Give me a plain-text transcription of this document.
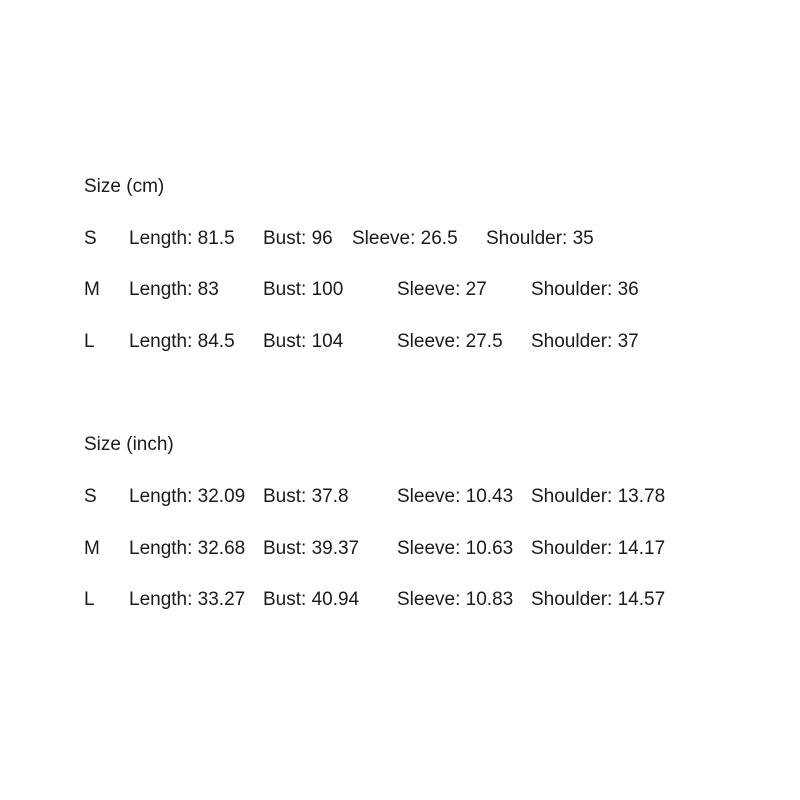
Size (cm)
S Length: 81.5 Bust: 96 Sleeve: 26.5 Shoulder: 35
M Length: 83 Bust: 100	Sleeve: 27 Shoulder: 36
L Length: 84.5 Bust: 104	Sleeve: 27.5 Shoulder: 37
Size (inch)
S Length: 32.09 Bust: 37.8	Sleeve: 10.43 Shoulder: 13.78
M Length: 32.68 Bust: 39.37 Sleeve: 10.63 Shoulder: 14.17
L Length: 33.27 Bust: 40.94 Sleeve: 10.83 Shoulder: 14.57
